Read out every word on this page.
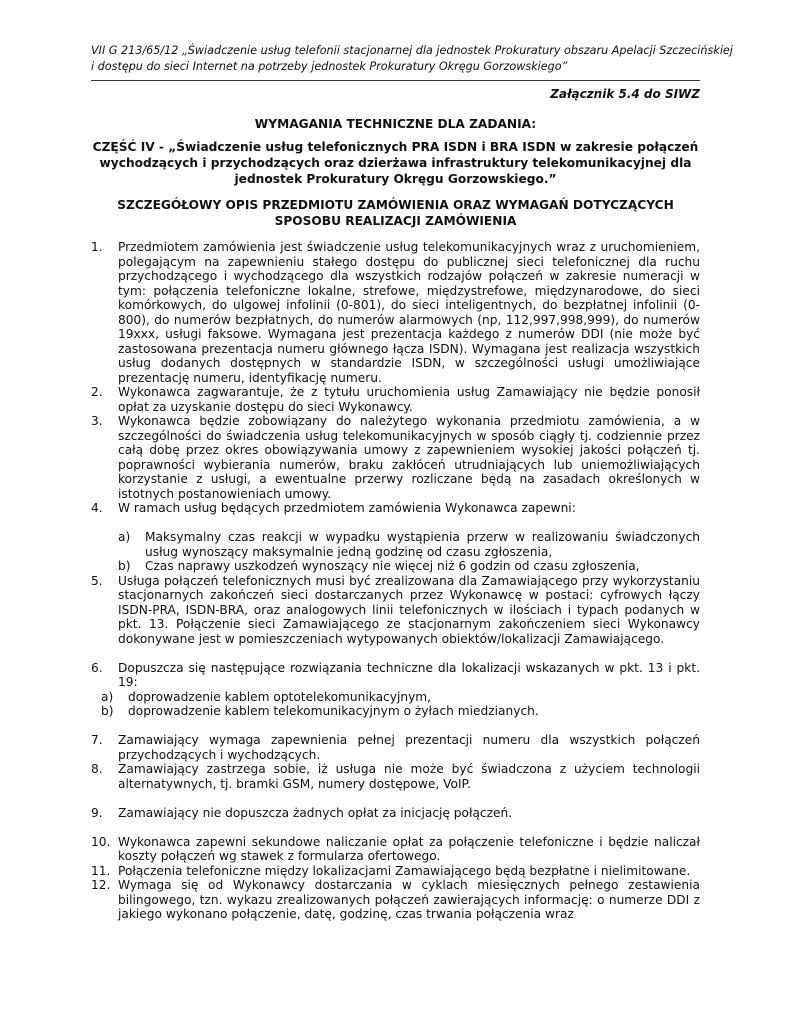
VII G 213/65/12 „Świadczenie usług telefonii stacjonarnej dla jednostek Prokuratury obszaru Apelacji Szczecińskiej
i dostępu do sieci Internet na potrzeby jednostek Prokuratury Okręgu Gorzowskiego”
Załącznik 5.4 do SIWZ
WYMAGANIA TECHNICZNE DLA ZADANIA:
CZĘŚĆ IV - „Świadczenie usług telefonicznych PRA ISDN i BRA ISDN w zakresie połączeń wychodzących i przychodzących oraz dzierżawa infrastruktury telekomunikacyjnej dla jednostek Prokuratury Okręgu Gorzowskiego.”
SZCZEGÓŁOWY OPIS PRZEDMIOTU ZAMÓWIENIA ORAZ WYMAGAŃ DOTYCZĄCYCH SPOSOBU REALIZACJI ZAMÓWIENIA
1.	Przedmiotem zamówienia jest świadczenie usług telekomunikacyjnych wraz z uruchomieniem, polegającym na zapewnieniu stałego dostępu do publicznej sieci telefonicznej dla ruchu przychodzącego i wychodzącego dla wszystkich rodzajów połączeń w zakresie numeracji w tym: połączenia telefoniczne lokalne, strefowe, międzystrefowe, międzynarodowe, do sieci komórkowych, do ulgowej infolinii (0-801), do sieci inteligentnych, do bezpłatnej infolinii (0-800), do numerów bezpłatnych, do numerów alarmowych (np, 112,997,998,999), do numerów 19xxx, usługi faksowe. Wymagana jest prezentacja każdego z numerów DDI (nie może być zastosowana prezentacja numeru głównego łącza ISDN). Wymagana jest realizacja wszystkich usług dodanych dostępnych w standardzie ISDN, w szczególności usługi umożliwiające prezentację numeru, identyfikację numeru.
2.	Wykonawca zagwarantuje, że z tytułu uruchomienia usług Zamawiający nie będzie ponosił opłat za uzyskanie dostępu do sieci Wykonawcy.
3.	Wykonawca będzie zobowiązany do należytego wykonania przedmiotu zamówienia, a w szczególności do świadczenia usług telekomunikacyjnych w sposób ciągły tj. codziennie przez całą dobę przez okres obowiązywania umowy z zapewnieniem wysokiej jakości połączeń tj. poprawności wybierania numerów, braku zakłóceń utrudniających lub uniemożliwiających korzystanie z usługi, a ewentualne przerwy rozliczane będą na zasadach określonych w istotnych postanowieniach umowy.
4.	W ramach usług będących przedmiotem zamówienia Wykonawca zapewni:
a)	Maksymalny czas reakcji w wypadku wystąpienia przerw w realizowaniu świadczonych usług wynoszący maksymalnie jedną godzinę od czasu zgłoszenia,
b)	Czas naprawy uszkodzeń wynoszący nie więcej niż 6 godzin od czasu zgłoszenia,
5.	Usługa połączeń telefonicznych musi być zrealizowana dla Zamawiającego przy wykorzystaniu stacjonarnych zakończeń sieci dostarczanych przez Wykonawcę w postaci: cyfrowych łączy ISDN-PRA, ISDN-BRA, oraz analogowych linii telefonicznych w ilościach i typach podanych w pkt. 13. Połączenie sieci Zamawiającego ze stacjonarnym zakończeniem sieci Wykonawcy dokonywane jest w pomieszczeniach wytypowanych obiektów/lokalizacji Zamawiającego.
6.	Dopuszcza się następujące rozwiązania techniczne dla lokalizacji wskazanych w pkt. 13 i pkt. 19:
a)	doprowadzenie kablem optotelekomunikacyjnym,
b)	doprowadzenie kablem telekomunikacyjnym o żyłach miedzianych.
7.	Zamawiający wymaga zapewnienia pełnej prezentacji numeru dla wszystkich połączeń przychodzących i wychodzących.
8.	Zamawiający zastrzega sobie, iż usługa nie może być świadczona z użyciem technologii alternatywnych, tj. bramki GSM, numery dostępowe, VoIP.
9.	Zamawiający nie dopuszcza żadnych opłat za inicjację połączeń.
10. Wykonawca zapewni sekundowe naliczanie opłat za połączenie telefoniczne i będzie naliczał koszty połączeń wg stawek z formularza ofertowego.
11. Połączenia telefoniczne między lokalizacjami Zamawiającego będą bezpłatne i nielimitowane.
12. Wymaga się od Wykonawcy dostarczania w cyklach miesięcznych pełnego zestawienia bilingowego, tzn. wykazu zrealizowanych połączeń zawierających informację: o numerze DDI z jakiego wykonano połączenie, datę, godzinę, czas trwania połączenia wraz
